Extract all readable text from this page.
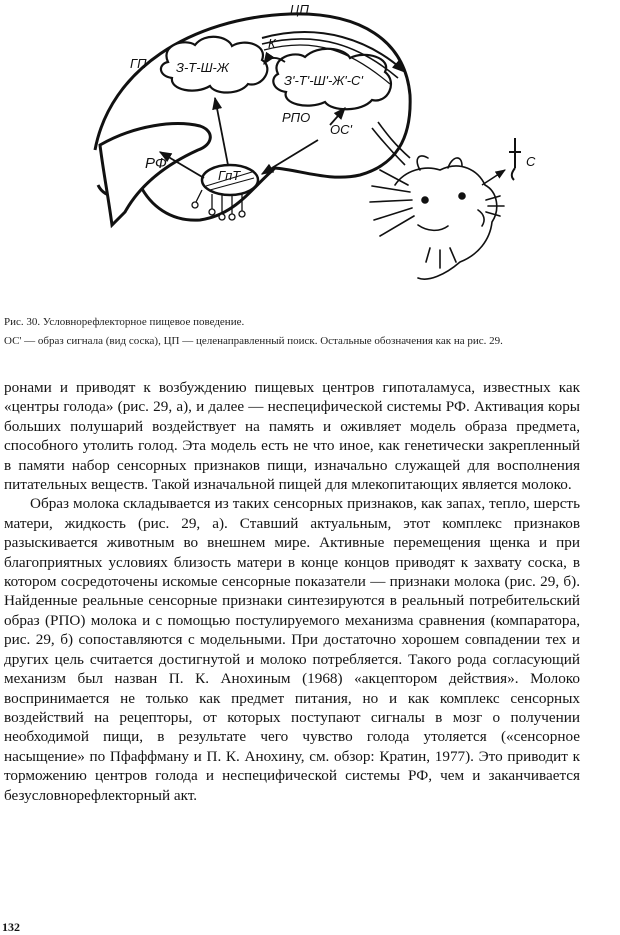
РФ
З-Т-Ш-Ж
ГП
З'-Т'-Ш'-Ж'-С'
РПО
К
ЦП
ГпТ
ОС'
С
Рис. 30. Условнорефлекторное пищевое поведение.
ОС' — образ сигнала (вид соска), ЦП — целенаправленный поиск. Остальные обозначения как на рис. 29.

ронами и приводят к возбуждению пищевых центров гипоталамуса, известных как «центры голода» (рис. 29, а), и далее — неспецифической системы РФ. Активация коры больших полушарий воздействует на память и оживляет модель образа предмета, способного утолить голод. Эта модель есть не что иное, как генетически закрепленный в памяти набор сенсорных признаков пищи, изначально служащей для восполнения питательных веществ. Такой изначальной пищей для млекопитающих является молоко.

Образ молока складывается из таких сенсорных признаков, как запах, тепло, шерсть матери, жидкость (рис. 29, а). Ставший актуальным, этот комплекс признаков разыскивается животным во внешнем мире. Активные перемещения щенка и при благоприятных условиях близость матери в конце концов приводят к захвату соска, в котором сосредоточены искомые сенсорные показатели — признаки молока (рис. 29, б). Найденные реальные сенсорные признаки синтезируются в реальный потребительский образ (РПО) молока и с помощью постулируемого механизма сравнения (компаратора, рис. 29, б) сопоставляются с модельными. При достаточно хорошем совпадении тех и других цель считается достигнутой и молоко потребляется. Такого рода согласующий механизм был назван П. К. Анохиным (1968) «акцептором действия». Молоко воспринимается не только как предмет питания, но и как комплекс сенсорных воздействий на рецепторы, от которых поступают сигналы в мозг о получении необходимой пищи, в результате чего чувство голода утоляется («сенсорное насыщение» по Пфаффману и П. К. Анохину, см. обзор: Кратин, 1977). Это приводит к торможению центров голода и неспецифической системы РФ, чем и заканчивается безусловнорефлекторный акт.

132
